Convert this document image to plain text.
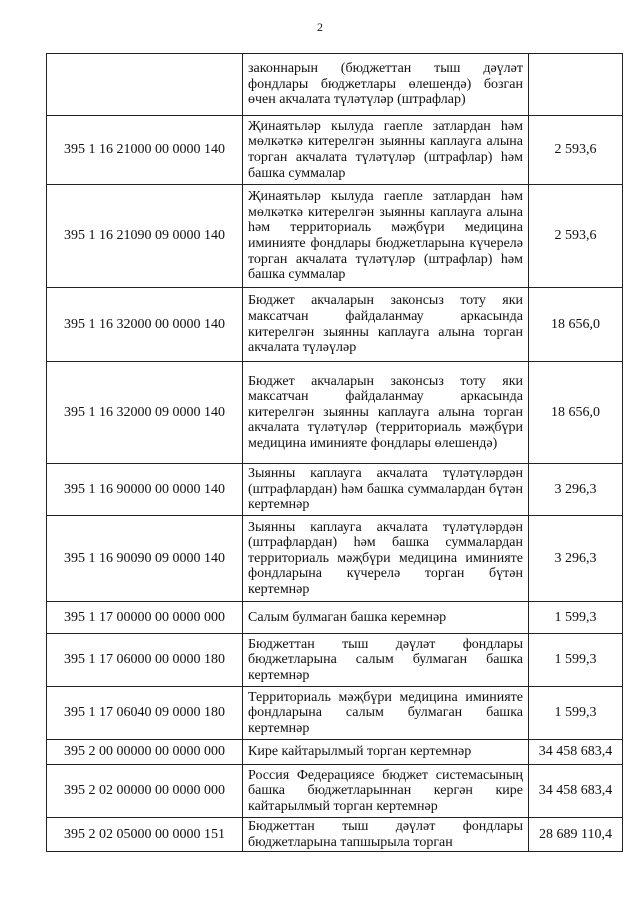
2
	законнарын (бюджеттан тыш дәүләт фондлары бюджетлары өлешендә) бозган өчен акчалата түләтүләр (штрафлар)	
395 1 16 21000 00 0000 140	Җинаятьләр кылуда гаепле затлардан һәм мөлкәткә китерелгән зыянны каплауга алына торган акчалата түләтүләр (штрафлар) һәм башка суммалар	2 593,6
395 1 16 21090 09 0000 140	Җинаятьләр кылуда гаепле затлардан һәм мөлкәткә китерелгән зыянны каплауга алына һәм территориаль мәҗбүри медицина иминияте фондлары бюджетларына күчерелә торган акчалата түләтүләр (штрафлар) һәм башка суммалар	2 593,6
395 1 16 32000 00 0000 140	Бюджет акчаларын законсыз тоту яки максатчан файдаланмау аркасында китерелгән зыянны каплауга алына торган акчалата түләүләр	18 656,0
395 1 16 32000 09 0000 140	Бюджет акчаларын законсыз тоту яки максатчан файдаланмау аркасында китерелгән зыянны каплауга алына торган акчалата түләтүләр (территориаль мәҗбүри медицина иминияте фондлары өлешендә)	18 656,0
395 1 16 90000 00 0000 140	Зыянны каплауга акчалата түләтүләрдән (штрафлардан) һәм башка суммалардан бүтән кертемнәр	3 296,3
395 1 16 90090 09 0000 140	Зыянны каплауга акчалата түләтүләрдән (штрафлардан) һәм башка суммалардан территориаль мәҗбүри медицина иминияте фондларына күчерелә торган бүтән кертемнәр	3 296,3
395 1 17 00000 00 0000 000	Салым булмаган башка керемнәр	1 599,3
395 1 17 06000 00 0000 180	Бюджеттан тыш дәүләт фондлары бюджетларына салым булмаган башка кертемнәр	1 599,3
395 1 17 06040 09 0000 180	Территориаль мәҗбүри медицина иминияте фондларына салым булмаган башка кертемнәр	1 599,3
395 2 00 00000 00 0000 000	Кире кайтарылмый торган кертемнәр	34 458 683,4
395 2 02 00000 00 0000 000	Россия Федерациясе бюджет системасының башка бюджетларыннан кергән кире кайтарылмый торган кертемнәр	34 458 683,4
395 2 02 05000 00 0000 151	Бюджеттан тыш дәүләт фондлары бюджетларына тапшырыла торган	28 689 110,4
